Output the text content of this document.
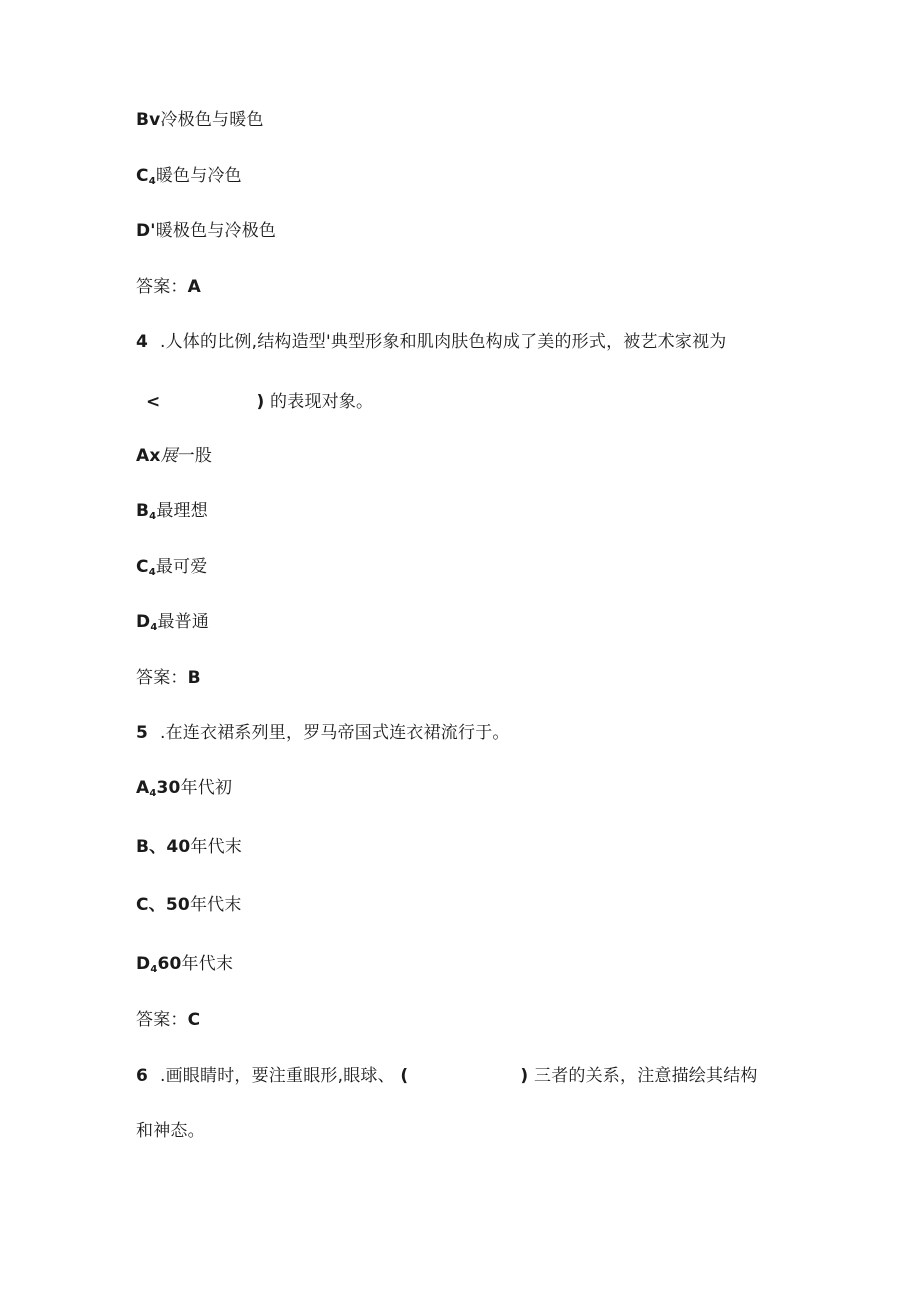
Bv冷极色与暖色
$C_4$暖色与冷色
D'暖极色与冷极色
答案：A
4 .人体的比例,结构造型'典型形象和肌肉肤色构成了美的形式，被艺术家视为
<	) 的表现对象。
Ax展一股
$B_4$最理想
$C_4$最可爱
$D_4$最普通
答案：B
5 .在连衣裙系列里，罗马帝国式连衣裙流行于。
$A_430$年代初
B、40年代末
C、50年代末
$D_460$年代末
答案：C
6 .画眼睛时，要注重眼形,眼球、 (	) 三者的关系，注意描绘其结构
和神态。
